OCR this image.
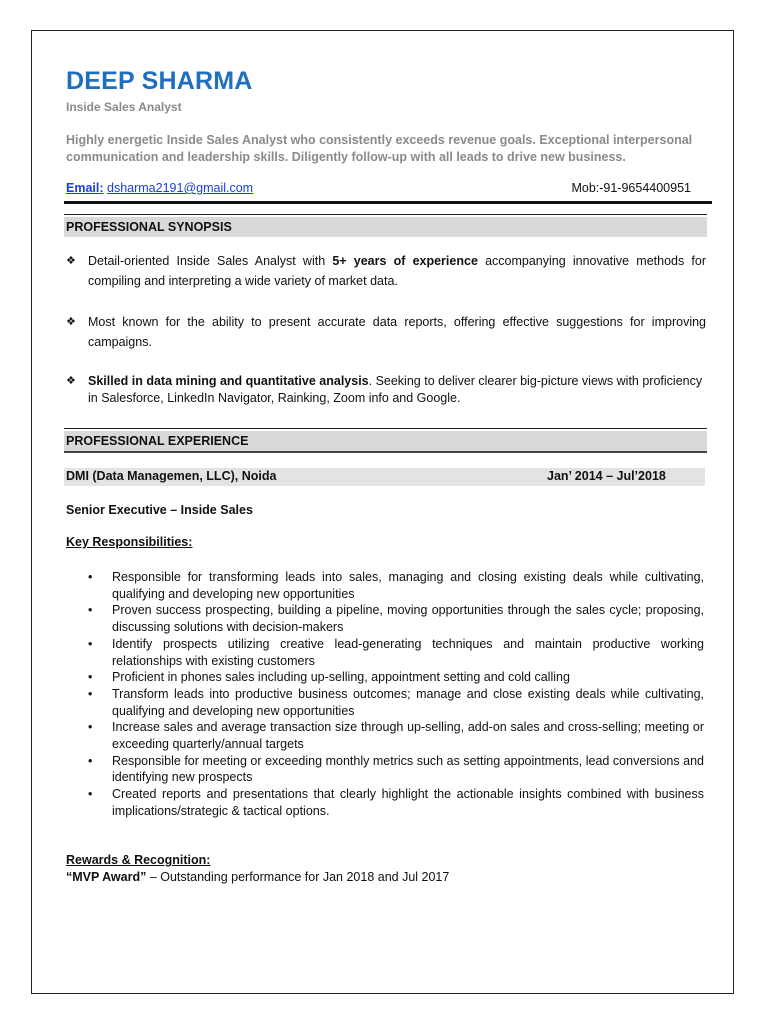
DEEP SHARMA
Inside Sales Analyst
Highly energetic Inside Sales Analyst who consistently exceeds revenue goals. Exceptional interpersonal communication and leadership skills. Diligently follow-up with all leads to drive new business.
Email: dsharma2191@gmail.com	Mob:-91-9654400951
PROFESSIONAL SYNOPSIS
❖ Detail-oriented Inside Sales Analyst with 5+ years of experience accompanying innovative methods for compiling and interpreting a wide variety of market data.
❖ Most known for the ability to present accurate data reports, offering effective suggestions for improving campaigns.
❖ Skilled in data mining and quantitative analysis. Seeking to deliver clearer big-picture views with proficiency in Salesforce, LinkedIn Navigator, Rainking, Zoom info and Google.
PROFESSIONAL EXPERIENCE
DMI (Data Managemen, LLC), Noida	Jan’ 2014 – Jul’2018
Senior Executive – Inside Sales
Key Responsibilities:
• Responsible for transforming leads into sales, managing and closing existing deals while cultivating, qualifying and developing new opportunities
• Proven success prospecting, building a pipeline, moving opportunities through the sales cycle; proposing, discussing solutions with decision-makers
• Identify prospects utilizing creative lead-generating techniques and maintain productive working relationships with existing customers
• Proficient in phones sales including up-selling, appointment setting and cold calling
• Transform leads into productive business outcomes; manage and close existing deals while cultivating, qualifying and developing new opportunities
• Increase sales and average transaction size through up-selling, add-on sales and cross-selling; meeting or exceeding quarterly/annual targets
• Responsible for meeting or exceeding monthly metrics such as setting appointments, lead conversions and identifying new prospects
• Created reports and presentations that clearly highlight the actionable insights combined with business implications/strategic & tactical options.
Rewards & Recognition:
“MVP Award” – Outstanding performance for Jan 2018 and Jul 2017
